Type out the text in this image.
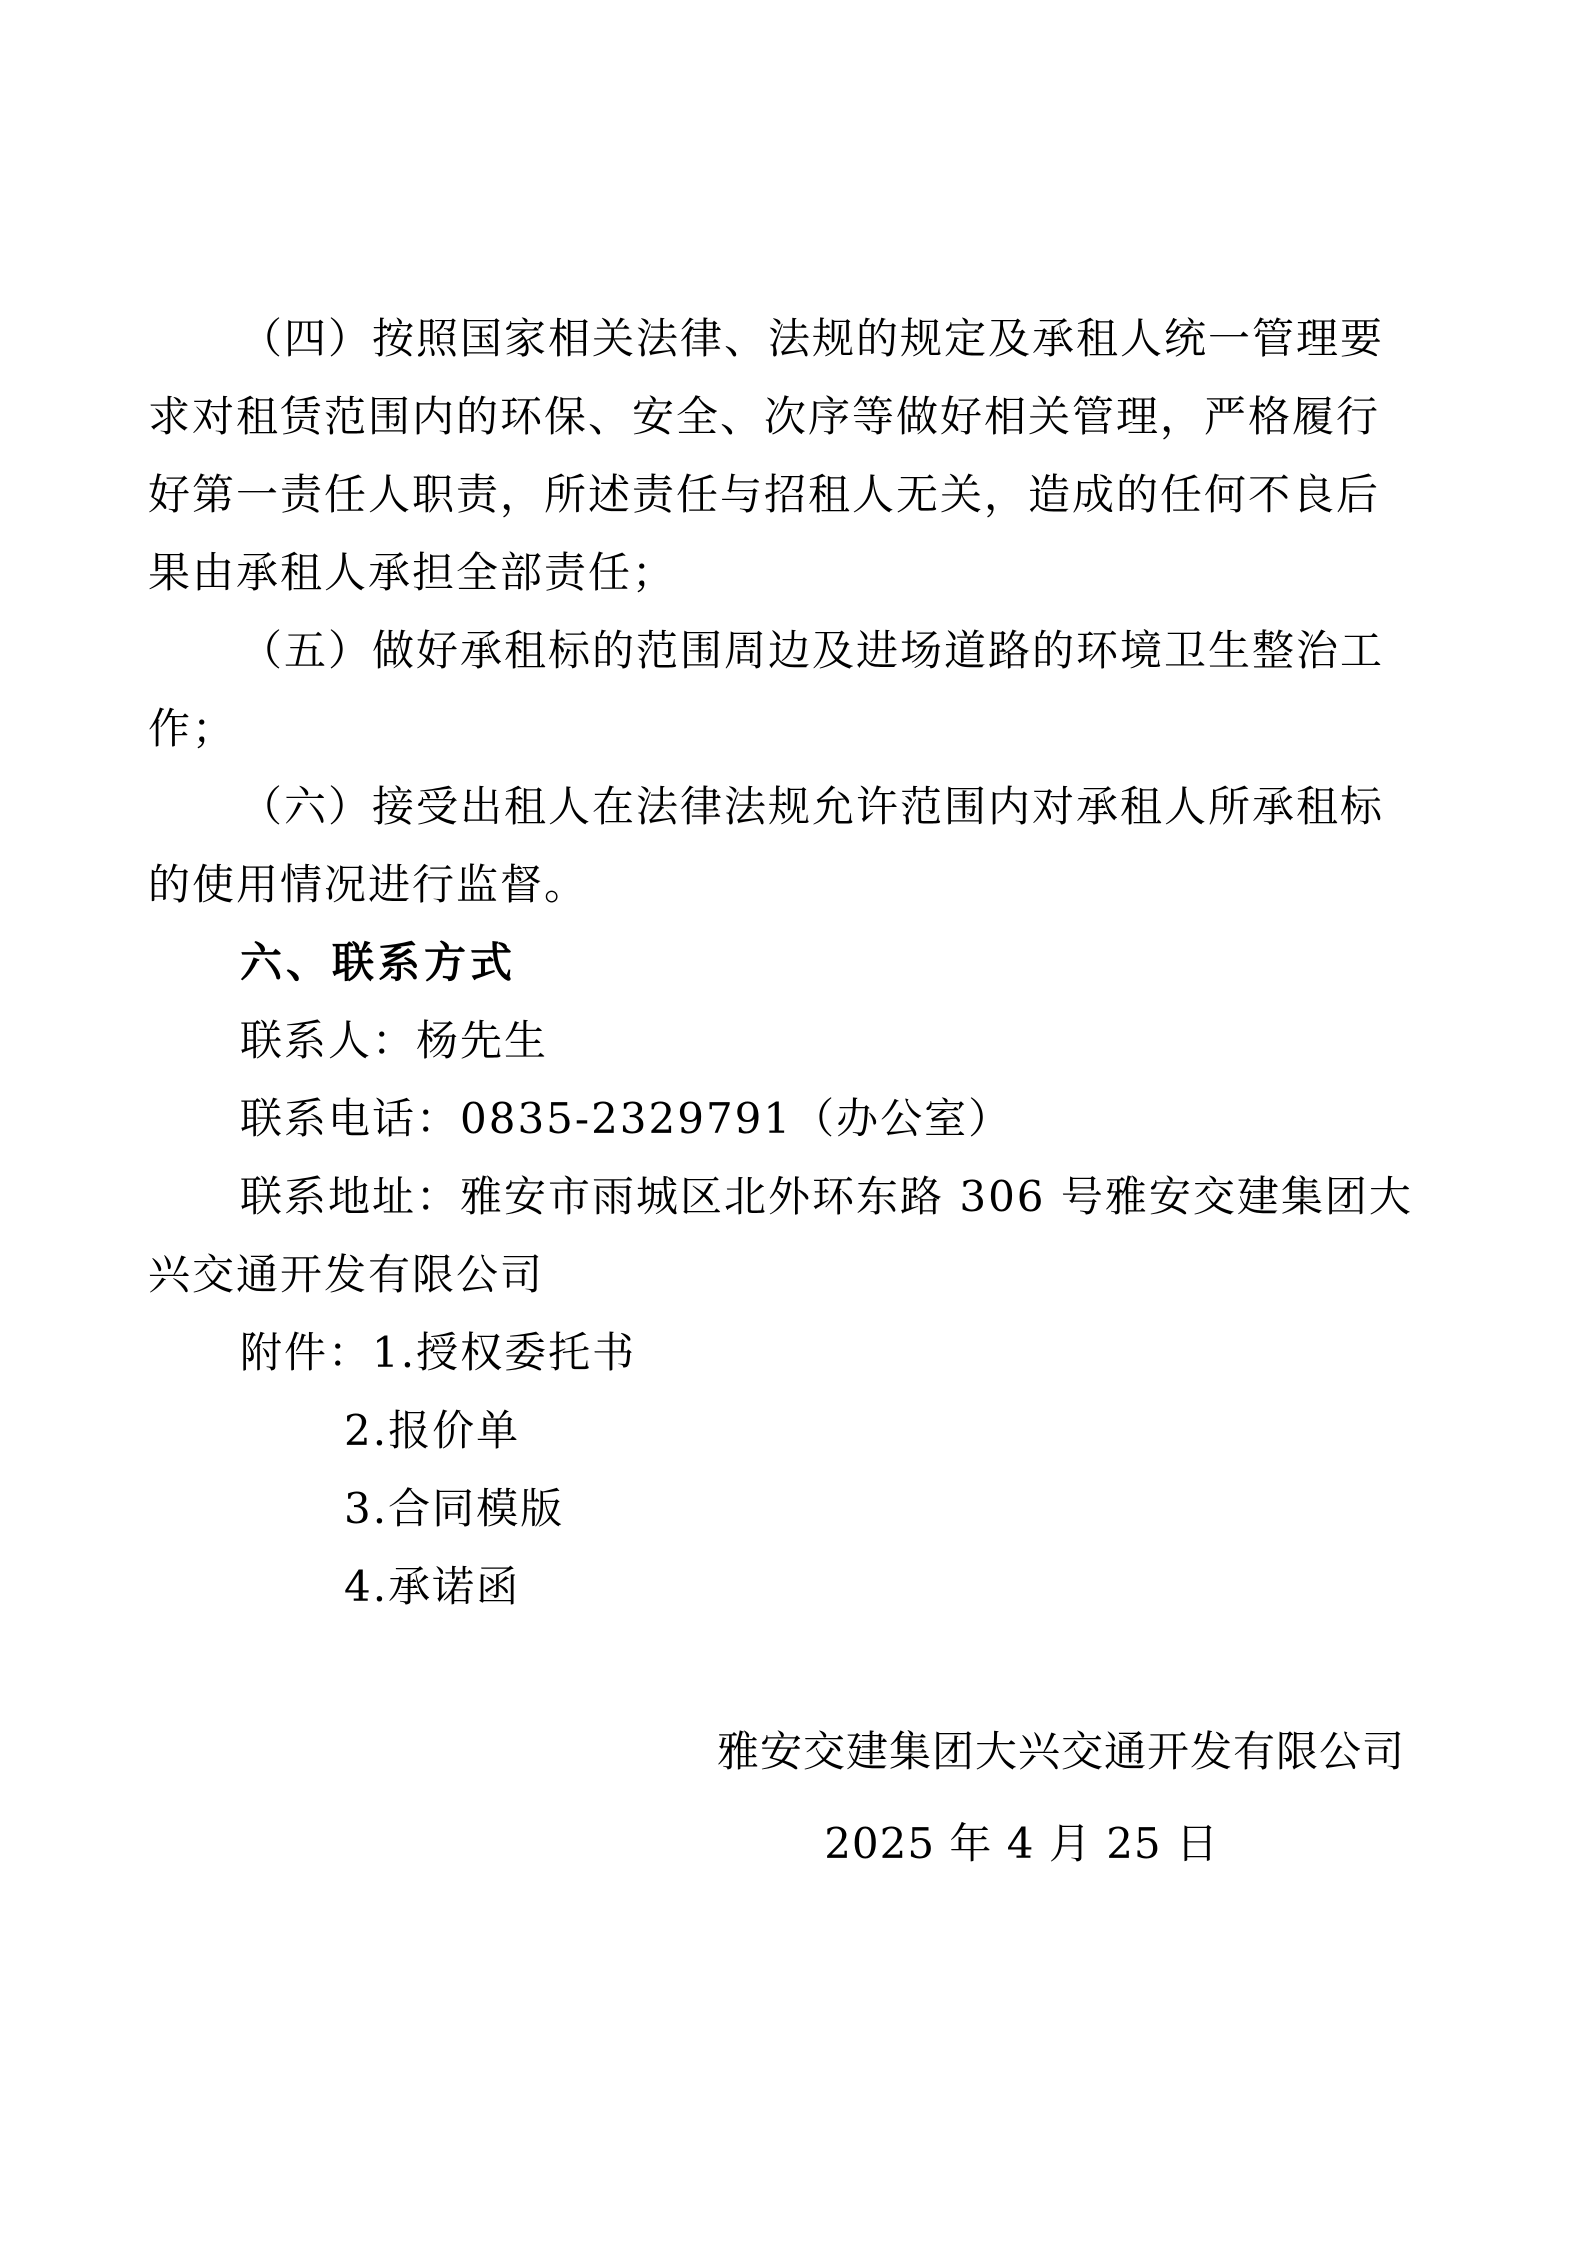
（四）按照国家相关法律、法规的规定及承租人统一管理要
求对租赁范围内的环保、安全、次序等做好相关管理，严格履行
好第一责任人职责，所述责任与招租人无关，造成的任何不良后
果由承租人承担全部责任；
（五）做好承租标的范围周边及进场道路的环境卫生整治工
作；
（六）接受出租人在法律法规允许范围内对承租人所承租标
的使用情况进行监督。
六、联系方式
联系人：杨先生
联系电话：0835-2329791（办公室）
联系地址：雅安市雨城区北外环东路 306 号雅安交建集团大
兴交通开发有限公司
附件：1.授权委托书
2.报价单
3.合同模版
4.承诺函
雅安交建集团大兴交通开发有限公司
2025 年 4 月 25 日
